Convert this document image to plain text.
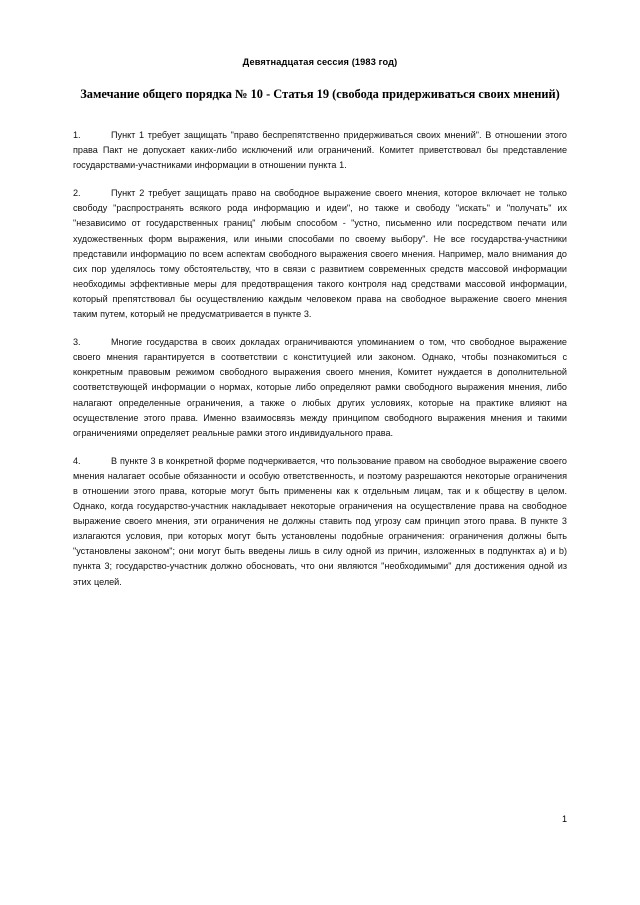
Девятнадцатая сессия (1983 год)
Замечание общего порядка № 10 - Статья 19 (свобода придерживаться своих мнений)

1.	Пункт 1 требует защищать "право беспрепятственно придерживаться своих мнений". В отношении этого права Пакт не допускает каких-либо исключений или ограничений. Комитет приветствовал бы представление государствами-участниками информации в отношении пункта 1.

2.	Пункт 2 требует защищать право на свободное выражение своего мнения, которое включает не только свободу "распространять всякого рода информацию и идеи", но также и свободу "искать" и "получать" их "независимо от государственных границ" любым способом - "устно, письменно или посредством печати или художественных форм выражения, или иными способами по своему выбору". Не все государства-участники представили информацию по всем аспектам свободного выражения своего мнения. Например, мало внимания до сих пор уделялось тому обстоятельству, что в связи с развитием современных средств массовой информации необходимы эффективные меры для предотвращения такого контроля над средствами массовой информации, который препятствовал бы осуществлению каждым человеком права на свободное выражение своего мнения таким путем, который не предусматривается в пункте 3.

3.	Многие государства в своих докладах ограничиваются упоминанием о том, что свободное выражение своего мнения гарантируется в соответствии с конституцией или законом. Однако, чтобы познакомиться с конкретным правовым режимом свободного выражения своего мнения, Комитет нуждается в дополнительной соответствующей информации о нормах, которые либо определяют рамки свободного выражения мнения, либо налагают определенные ограничения, а также о любых других условиях, которые на практике влияют на осуществление этого права. Именно взаимосвязь между принципом свободного выражения мнения и такими ограничениями определяет реальные рамки этого индивидуального права.

4.	В пункте 3 в конкретной форме подчеркивается, что пользование правом на свободное выражение своего мнения налагает особые обязанности и особую ответственность, и поэтому разрешаются некоторые ограничения в отношении этого права, которые могут быть применены как к отдельным лицам, так и к обществу в целом. Однако, когда государство-участник накладывает некоторые ограничения на осуществление права на свободное выражение своего мнения, эти ограничения не должны ставить под угрозу сам принцип этого права. В пункте 3 излагаются условия, при которых могут быть установлены подобные ограничения: ограничения должны быть "установлены законом"; они могут быть введены лишь в силу одной из причин, изложенных в подпунктах a) и b) пункта 3; государство-участник должно обосновать, что они являются "необходимыми" для достижения одной из этих целей.

1
